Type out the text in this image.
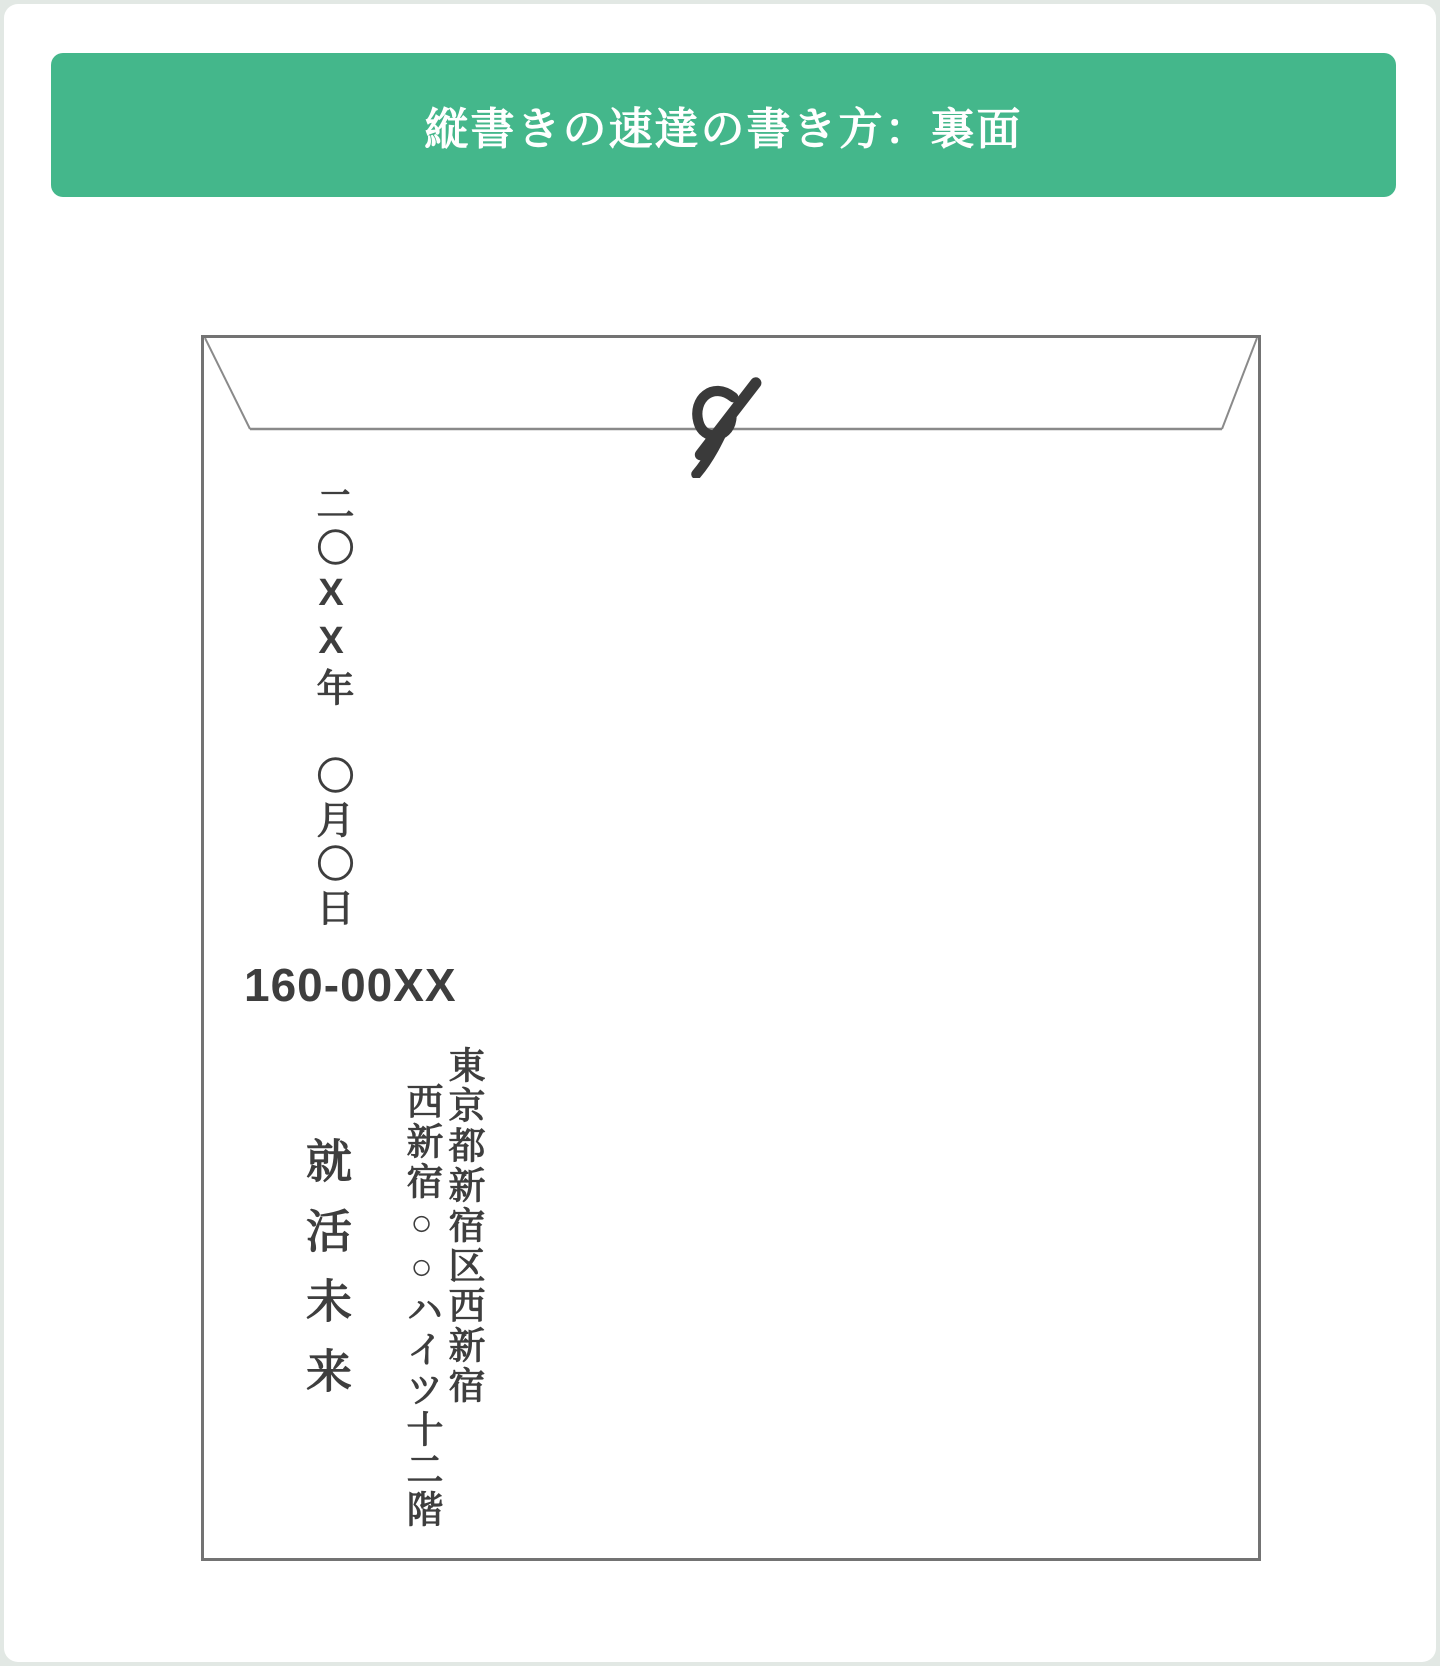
縦書きの速達の書き方：裏面
二〇XX年　〇月〇日
160-00XX
東京都新宿区西新宿
西新宿○○ハイツ十二階
就活未来
